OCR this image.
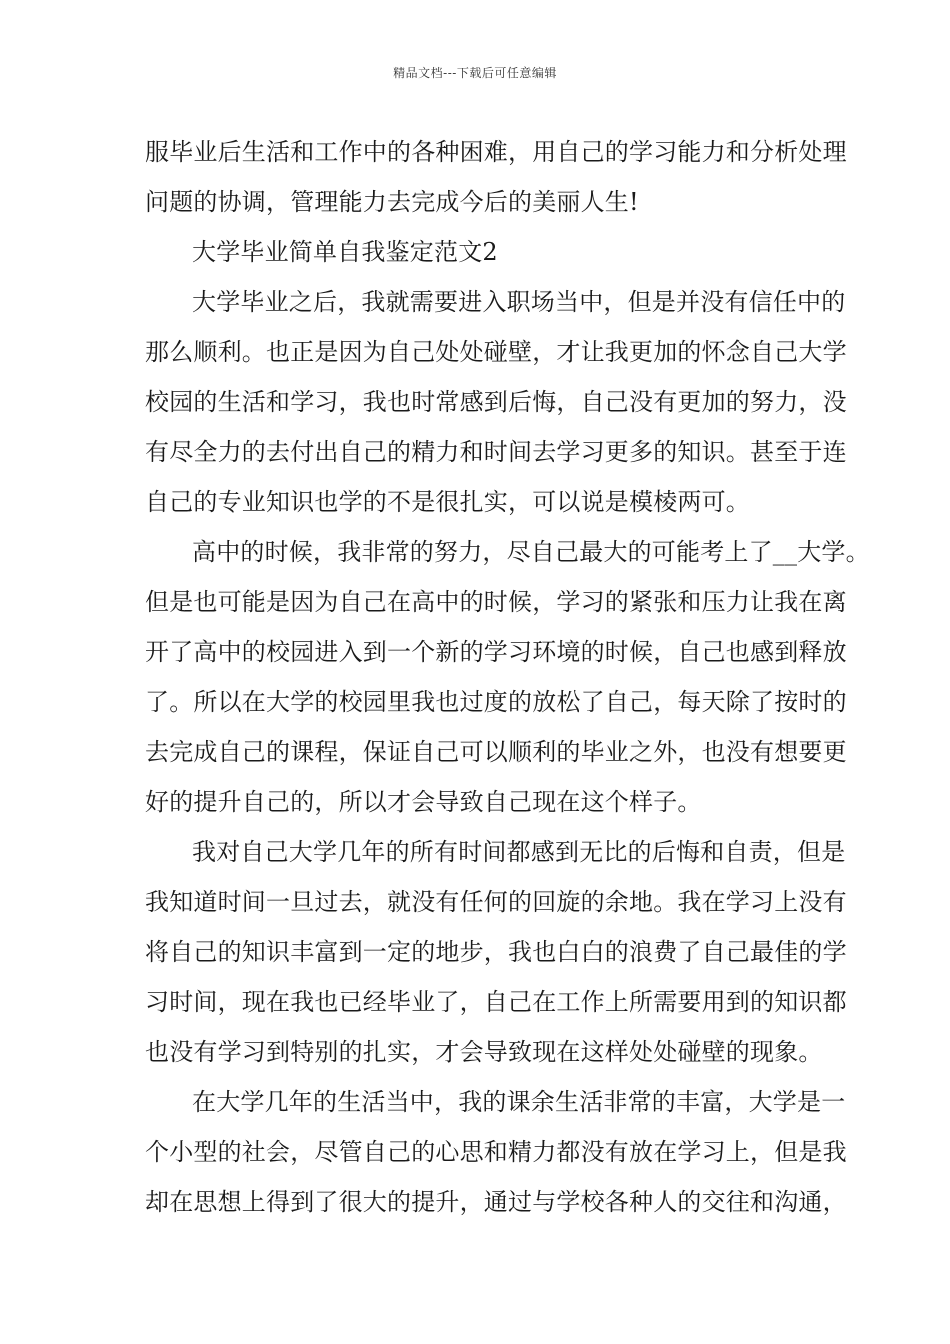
精品文档---下载后可任意编辑
服毕业后生活和工作中的各种困难，用自己的学习能力和分析处理
问题的协调，管理能力去完成今后的美丽人生!
大学毕业简单自我鉴定范文2
大学毕业之后，我就需要进入职场当中，但是并没有信任中的
那么顺利。也正是因为自己处处碰壁，才让我更加的怀念自己大学
校园的生活和学习，我也时常感到后悔，自己没有更加的努力，没
有尽全力的去付出自己的精力和时间去学习更多的知识。甚至于连
自己的专业知识也学的不是很扎实，可以说是模棱两可。
高中的时候，我非常的努力，尽自己最大的可能考上了__大学。
但是也可能是因为自己在高中的时候，学习的紧张和压力让我在离
开了高中的校园进入到一个新的学习环境的时候，自己也感到释放
了。所以在大学的校园里我也过度的放松了自己，每天除了按时的
去完成自己的课程，保证自己可以顺利的毕业之外，也没有想要更
好的提升自己的，所以才会导致自己现在这个样子。
我对自己大学几年的所有时间都感到无比的后悔和自责，但是
我知道时间一旦过去，就没有任何的回旋的余地。我在学习上没有
将自己的知识丰富到一定的地步，我也白白的浪费了自己最佳的学
习时间，现在我也已经毕业了，自己在工作上所需要用到的知识都
也没有学习到特别的扎实，才会导致现在这样处处碰壁的现象。
在大学几年的生活当中，我的课余生活非常的丰富，大学是一
个小型的社会，尽管自己的心思和精力都没有放在学习上，但是我
却在思想上得到了很大的提升，通过与学校各种人的交往和沟通，
